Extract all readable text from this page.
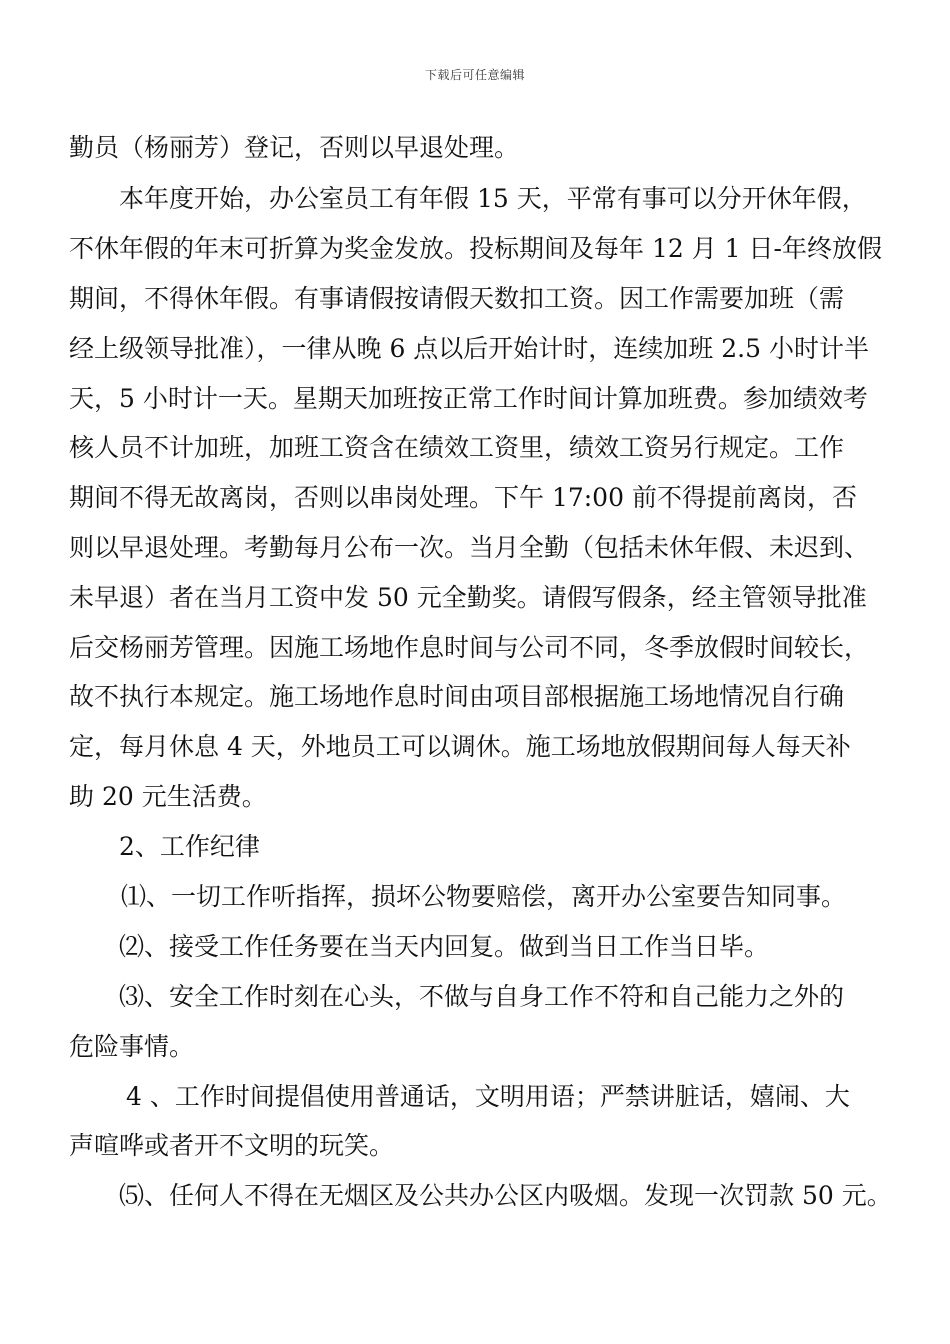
下载后可任意编辑
勤员（杨丽芳）登记，否则以早退处理。
本年度开始，办公室员工有年假 15 天，平常有事可以分开休年假，
不休年假的年末可折算为奖金发放。投标期间及每年 12 月 1 日-年终放假
期间，不得休年假。有事请假按请假天数扣工资。因工作需要加班（需
经上级领导批准），一律从晚 6 点以后开始计时，连续加班 2.5 小时计半
天，5 小时计一天。星期天加班按正常工作时间计算加班费。参加绩效考
核人员不计加班，加班工资含在绩效工资里，绩效工资另行规定。工作
期间不得无故离岗，否则以串岗处理。下午 17:00 前不得提前离岗，否
则以早退处理。考勤每月公布一次。当月全勤（包括未休年假、未迟到、
未早退）者在当月工资中发 50 元全勤奖。请假写假条，经主管领导批准
后交杨丽芳管理。因施工场地作息时间与公司不同，冬季放假时间较长，
故不执行本规定。施工场地作息时间由项目部根据施工场地情况自行确
定，每月休息 4 天，外地员工可以调休。施工场地放假期间每人每天补
助 20 元生活费。
2、工作纪律
⑴、一切工作听指挥，损坏公物要赔偿，离开办公室要告知同事。
⑵、接受工作任务要在当天内回复。做到当日工作当日毕。
⑶、安全工作时刻在心头，不做与自身工作不符和自己能力之外的
危险事情。
4 、工作时间提倡使用普通话，文明用语；严禁讲脏话，嬉闹、大
声喧哗或者开不文明的玩笑。
⑸、任何人不得在无烟区及公共办公区内吸烟。发现一次罚款 50 元。
